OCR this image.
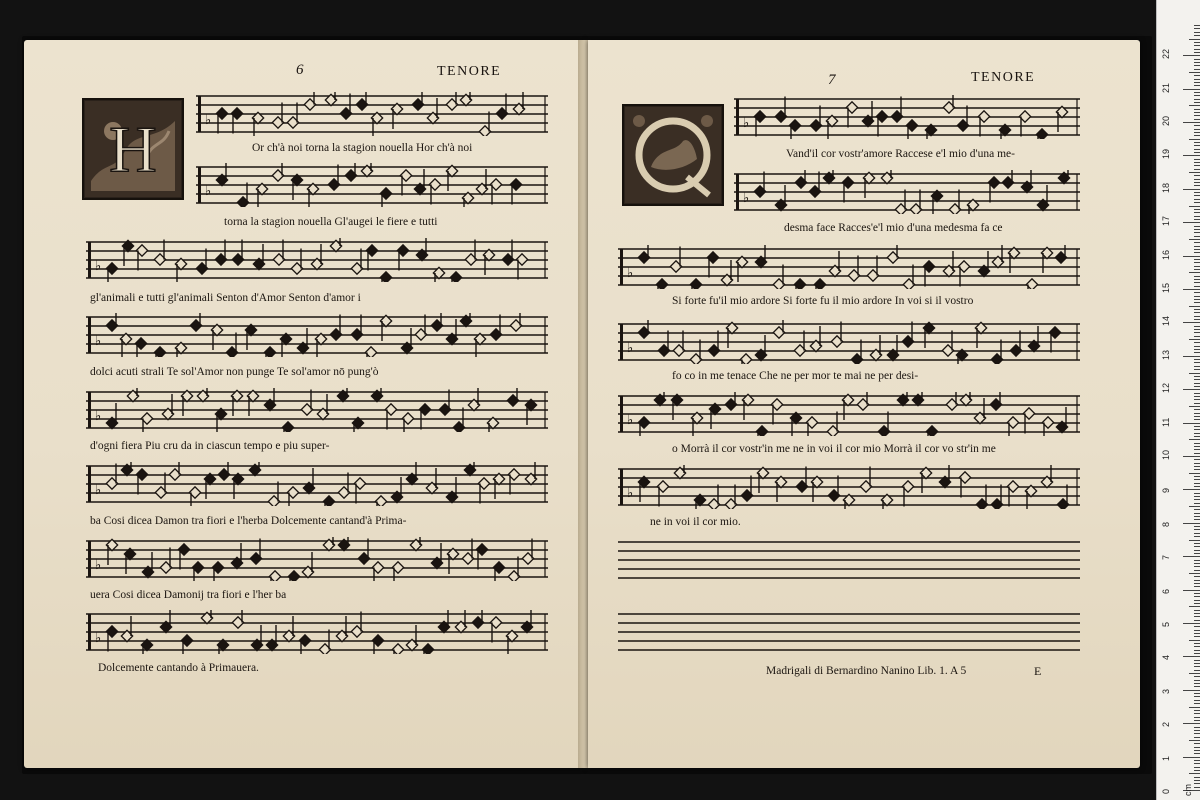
6	TENORE
H	♭
♭
♭
♭
♭
♭
♭
♭
Or ch'à noi torna la stagion nouella Hor ch'à noi
torna la stagion nouella Gl'augei le fiere e tutti
gl'animali e tutti gl'animali Senton d'Amor Senton d'amor i
dolci acuti strali Te sol'Amor non punge Te sol'amor nō pung'ò
d'ogni fiera Piu cru da in ciascun tempo e piu super-
ba Cosi dicea Damon tra fiori e l'herba Dolcemente cantand'à Prima-
uera Cosi dicea Damonij tra fiori e l'her ba
Dolcemente cantando à Primauera.
7	TENORE
Q	♭
♭
♭
♭
♭
♭
Vand'il cor vostr'amore Raccese e'l mio d'una me-
desma face Racces'e'l mio d'una medesma fa ce
Si forte fu'il mio ardore Si forte fu il mio ardore In voi si il vostro
fo co in me tenace Che ne per mor te mai ne per desi-
o Morrà il cor vostr'in me ne in voi il cor mio Morrà il cor vo str'in me
ne in voi il cor mio.
Madrigali di Bernardino Nanino Lib. 1. A 5	E
0
1
2
3
4
5
6
7
8
9
10
11
12
13
14
15
16
17
18
19
20
21
22
cm
